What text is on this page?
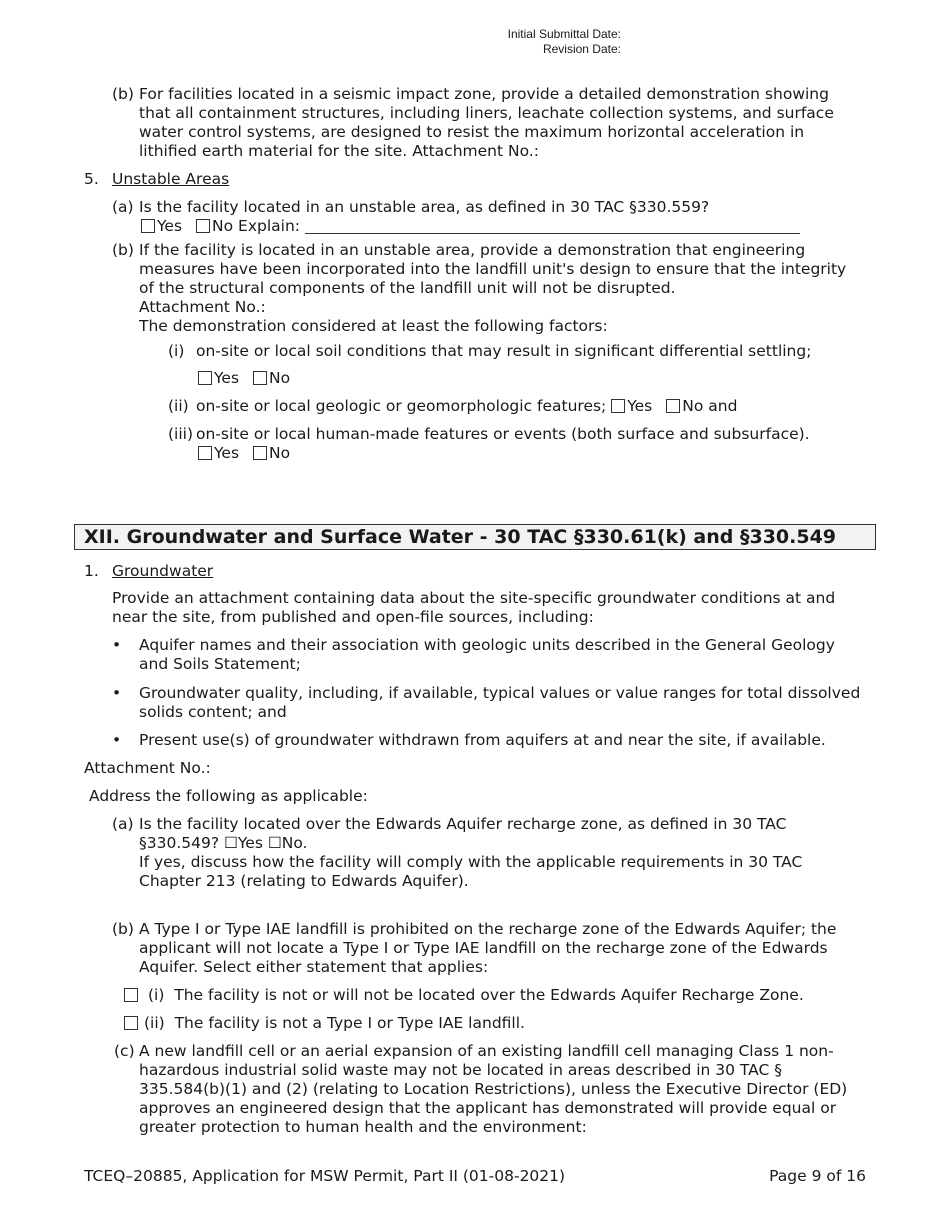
Initial Submittal Date:
Revision Date:
(b) For facilities located in a seismic impact zone, provide a detailed demonstration showing
that all containment structures, including liners, leachate collection systems, and surface
water control systems, are designed to resist the maximum horizontal acceleration in
lithified earth material for the site. Attachment No.:
5. Unstable Areas
(a) Is the facility located in an unstable area, as defined in 30 TAC §330.559?
Yes No Explain:
(b) If the facility is located in an unstable area, provide a demonstration that engineering
measures have been incorporated into the landfill unit's design to ensure that the integrity
of the structural components of the landfill unit will not be disrupted.
Attachment No.:
The demonstration considered at least the following factors:
(i) on-site or local soil conditions that may result in significant differential settling;
Yes No
(ii) on-site or local geologic or geomorphologic features; Yes No and
(iii) on-site or local human-made features or events (both surface and subsurface).
Yes No
XII. Groundwater and Surface Water - 30 TAC §330.61(k) and §330.549
1. Groundwater
Provide an attachment containing data about the site-specific groundwater conditions at and
near the site, from published and open-file sources, including:
• Aquifer names and their association with geologic units described in the General Geology
and Soils Statement;
• Groundwater quality, including, if available, typical values or value ranges for total dissolved
solids content; and
• Present use(s) of groundwater withdrawn from aquifers at and near the site, if available.
Attachment No.:
Address the following as applicable:
(a) Is the facility located over the Edwards Aquifer recharge zone, as defined in 30 TAC
§330.549? ☐Yes ☐No.
If yes, discuss how the facility will comply with the applicable requirements in 30 TAC
Chapter 213 (relating to Edwards Aquifer).
(b) A Type I or Type IAE landfill is prohibited on the recharge zone of the Edwards Aquifer; the
applicant will not locate a Type I or Type IAE landfill on the recharge zone of the Edwards
Aquifer. Select either statement that applies:
(i) The facility is not or will not be located over the Edwards Aquifer Recharge Zone.
(ii) The facility is not a Type I or Type IAE landfill.
(c) A new landfill cell or an aerial expansion of an existing landfill cell managing Class 1 non-
hazardous industrial solid waste may not be located in areas described in 30 TAC §
335.584(b)(1) and (2) (relating to Location Restrictions), unless the Executive Director (ED)
approves an engineered design that the applicant has demonstrated will provide equal or
greater protection to human health and the environment:
TCEQ–20885, Application for MSW Permit, Part II (01-08-2021)	Page 9 of 16
